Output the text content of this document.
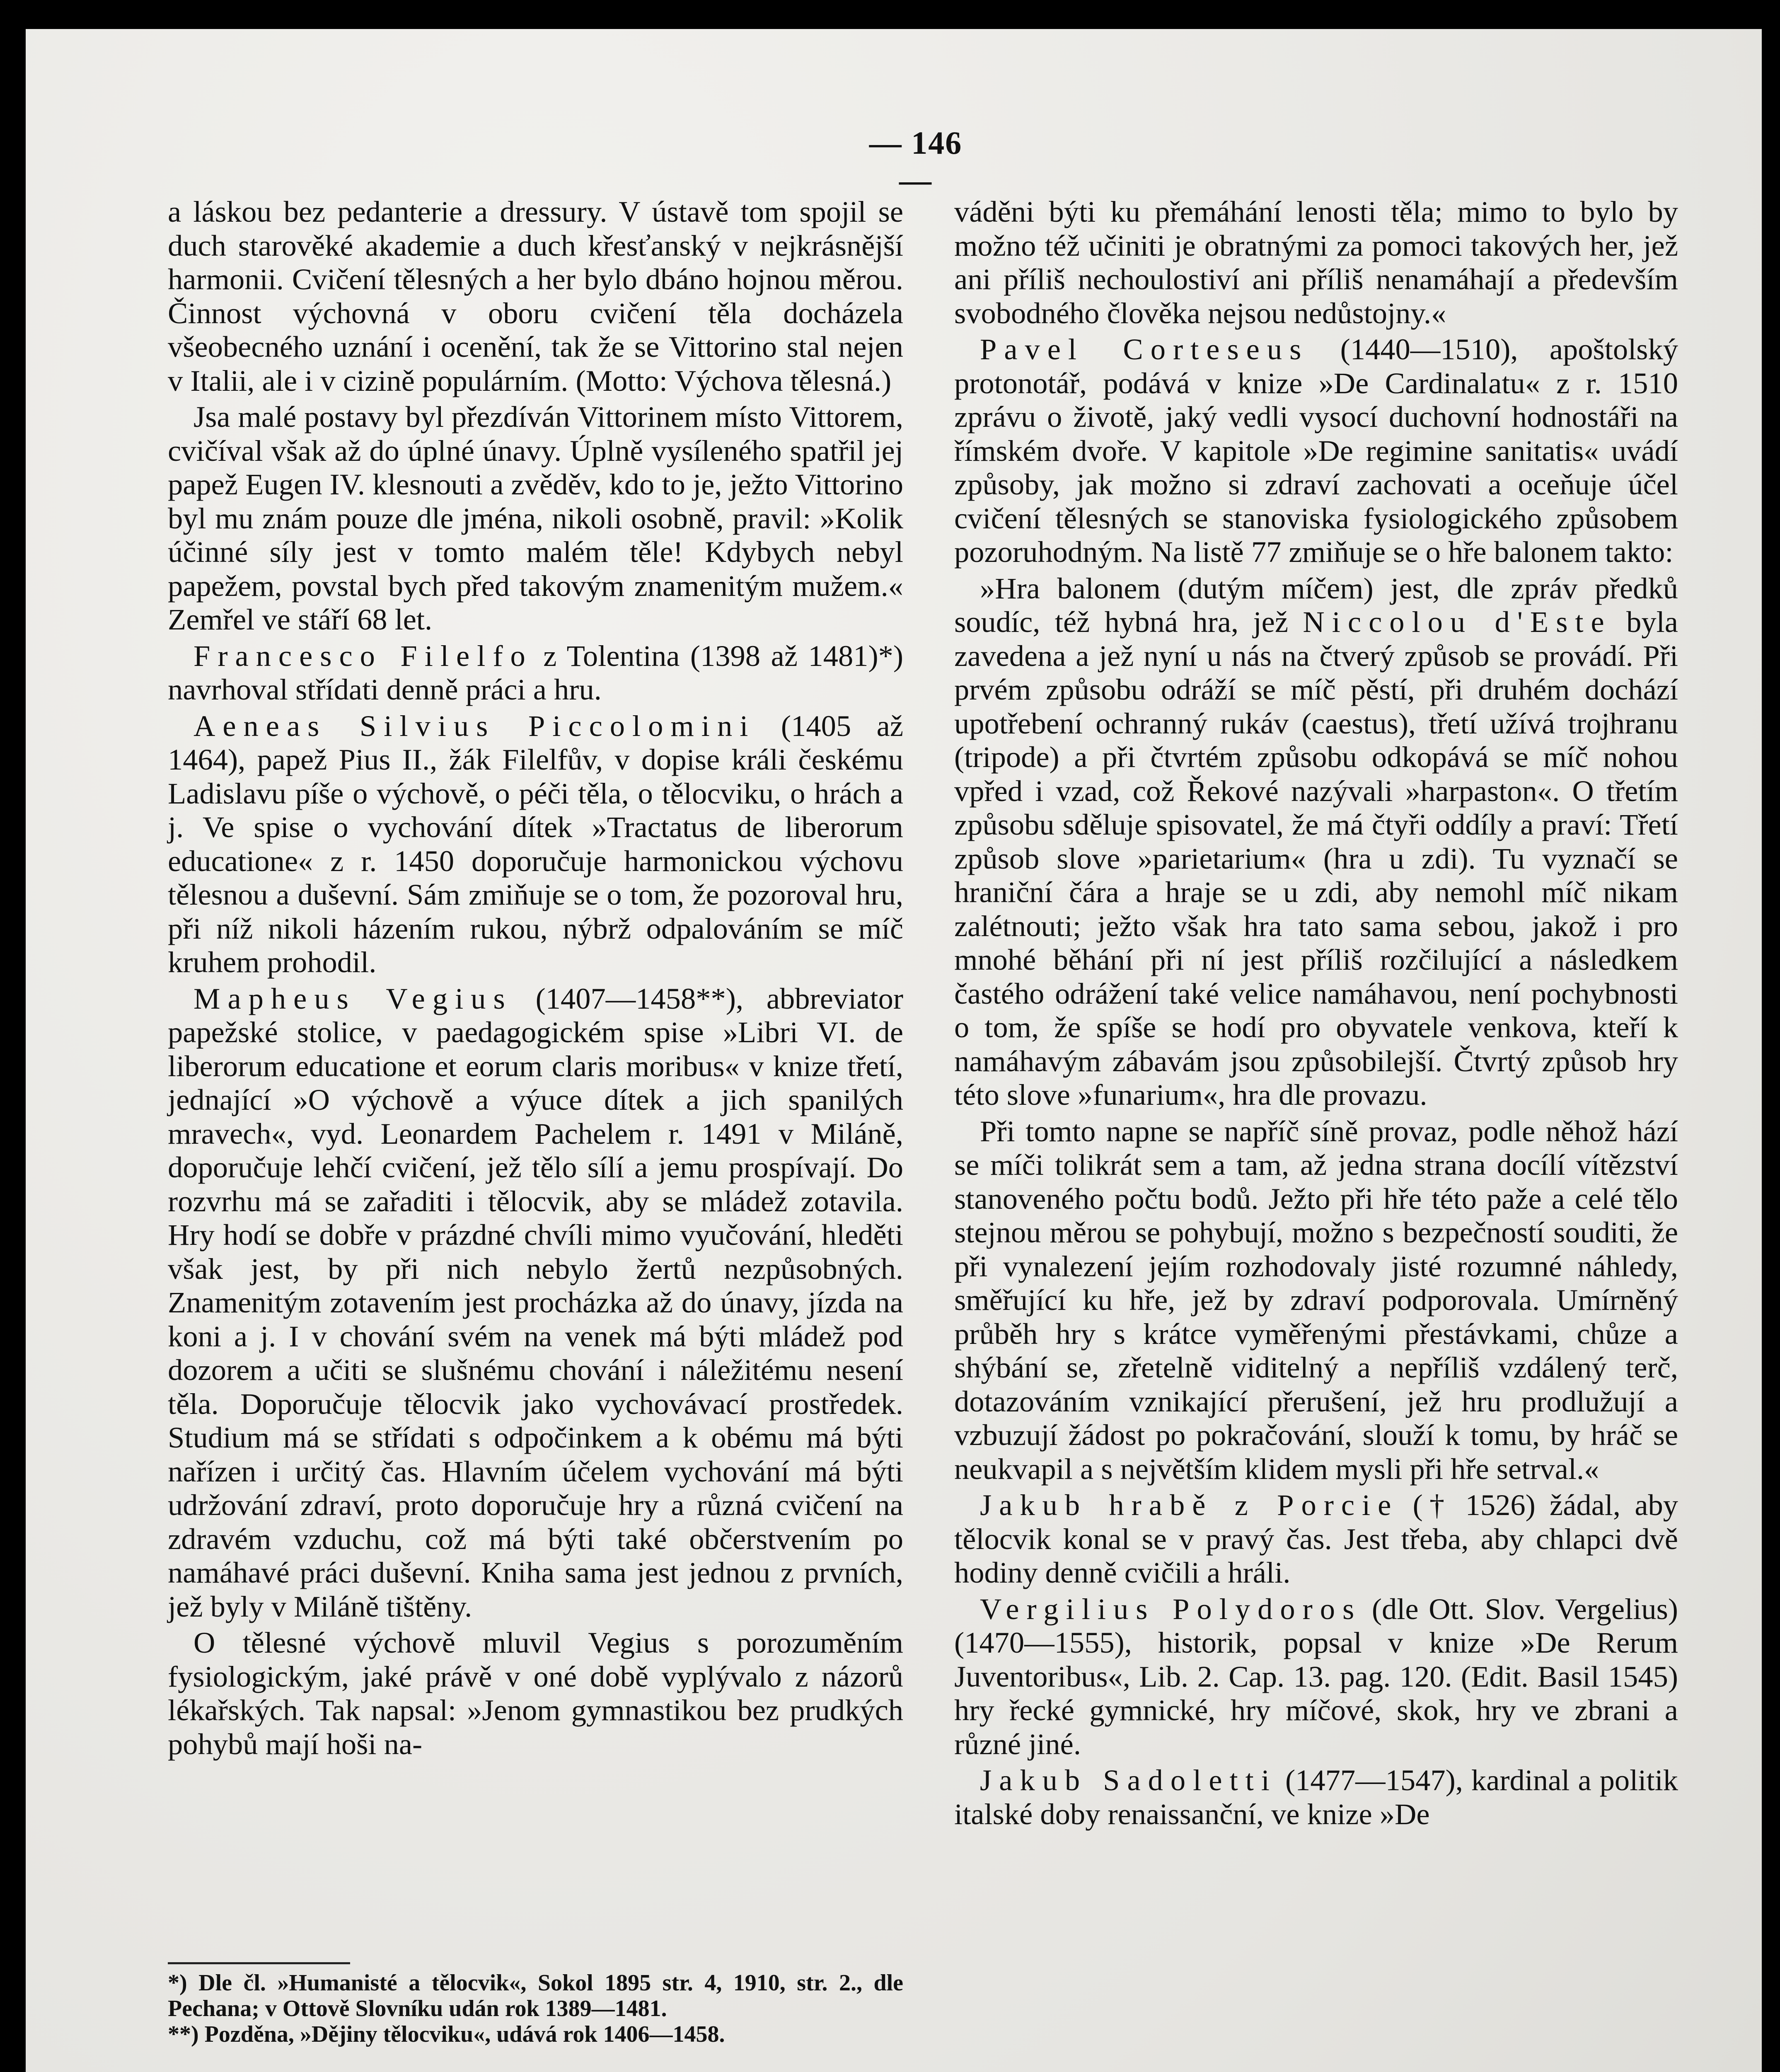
— 146 —

a láskou bez pedanterie a dressury. V ústavě tom spojil se duch starověké akademie a duch křesťanský v nejkrásnější harmonii. Cvičení tělesných a her bylo dbáno hojnou měrou. Činnost výchovná v oboru cvičení těla docházela všeobecného uznání i ocenění, tak že se Vittorino stal nejen v Italii, ale i v cizině populárním. (Motto: Výchova tělesná.)

Jsa malé postavy byl přezdíván Vittorinem místo Vittorem, cvičíval však až do úplné únavy. Úplně vysíleného spatřil jej papež Eugen IV. klesnouti a zvěděv, kdo to je, ježto Vittorino byl mu znám pouze dle jména, nikoli osobně, pravil: »Kolik účinné síly jest v tomto malém těle! Kdybych nebyl papežem, povstal bych před takovým znamenitým mužem.« Zemřel ve stáří 68 let.

Francesco Filelfo z Tolentina (1398 až 1481)*) navrhoval střídati denně práci a hru.

Aeneas Silvius Piccolomini (1405 až 1464), papež Pius II., žák Filelfův, v dopise králi českému Ladislavu píše o výchově, o péči těla, o tělocviku, o hrách a j. Ve spise o vychování dítek »Tractatus de liberorum educatione« z r. 1450 doporučuje harmonickou výchovu tělesnou a duševní. Sám zmiňuje se o tom, že pozoroval hru, při níž nikoli házením rukou, nýbrž odpalováním se míč kruhem prohodil.

Mapheus Vegius (1407—1458**), abbreviator papežské stolice, v paedagogickém spise »Libri VI. de liberorum educatione et eorum claris moribus« v knize třetí, jednající »O výchově a výuce dítek a jich spanilých mravech«, vyd. Leonardem Pachelem r. 1491 v Miláně, doporučuje lehčí cvičení, jež tělo sílí a jemu prospívají. Do rozvrhu má se zařaditi i tělocvik, aby se mládež zotavila. Hry hodí se dobře v prázdné chvíli mimo vyučování, hleděti však jest, by při nich nebylo žertů nezpůsobných. Znamenitým zotavením jest procházka až do únavy, jízda na koni a j. I v chování svém na venek má býti mládež pod dozorem a učiti se slušnému chování i náležitému nesení těla. Doporučuje tělocvik jako vychovávací prostředek. Studium má se střídati s odpočinkem a k obému má býti nařízen i určitý čas. Hlavním účelem vychování má býti udržování zdraví, proto doporučuje hry a různá cvičení na zdravém vzduchu, což má býti také občerstvením po namáhavé práci duševní. Kniha sama jest jednou z prvních, jež byly v Miláně tištěny.

O tělesné výchově mluvil Vegius s porozuměním fysiologickým, jaké právě v oné době vyplývalo z názorů lékařských. Tak napsal: »Jenom gymnastikou bez prudkých pohybů mají hoši na-

*) Dle čl. »Humanisté a tělocvik«, Sokol 1895 str. 4, 1910, str. 2., dle Pechana; v Ottově Slovníku udán rok 1389—1481.

**) Pozděna, »Dějiny tělocviku«, udává rok 1406—1458.

váděni býti ku přemáhání lenosti těla; mimo to bylo by možno též učiniti je obratnými za pomoci takových her, jež ani příliš nechoulostiví ani příliš nenamáhají a především svobodného člověka nejsou nedůstojny.«

Pavel Corteseus (1440—1510), apoštolský protonotář, podává v knize »De Cardinalatu« z r. 1510 zprávu o životě, jaký vedli vysocí duchovní hodnostáři na římském dvoře. V kapitole »De regimine sanitatis« uvádí způsoby, jak možno si zdraví zachovati a oceňuje účel cvičení tělesných se stanoviska fysiologického způsobem pozoruhodným. Na listě 77 zmiňuje se o hře balonem takto:

»Hra balonem (dutým míčem) jest, dle zpráv předků soudíc, též hybná hra, jež Niccolou d'Este byla zavedena a jež nyní u nás na čtverý způsob se provádí. Při prvém způsobu odráží se míč pěstí, při druhém dochází upotřebení ochranný rukáv (caestus), třetí užívá trojhranu (tripode) a při čtvrtém způsobu odkopává se míč nohou vpřed i vzad, což Řekové nazývali »harpaston«. O třetím způsobu sděluje spisovatel, že má čtyři oddíly a praví: Třetí způsob slove »parietarium« (hra u zdi). Tu vyznačí se hraniční čára a hraje se u zdi, aby nemohl míč nikam zalétnouti; ježto však hra tato sama sebou, jakož i pro mnohé běhání při ní jest příliš rozčilující a následkem častého odrážení také velice namáhavou, není pochybnosti o tom, že spíše se hodí pro obyvatele venkova, kteří k namáhavým zábavám jsou způsobilejší. Čtvrtý způsob hry této slove »funarium«, hra dle provazu.

Při tomto napne se napříč síně provaz, podle něhož hází se míči tolikrát sem a tam, až jedna strana docílí vítězství stanoveného počtu bodů. Ježto při hře této paže a celé tělo stejnou měrou se pohybují, možno s bezpečností souditi, že při vynalezení jejím rozhodovaly jisté rozumné náhledy, směřující ku hře, jež by zdraví podporovala. Umírněný průběh hry s krátce vyměřenými přestávkami, chůze a shýbání se, zřetelně viditelný a nepříliš vzdálený terč, dotazováním vznikající přerušení, jež hru prodlužují a vzbuzují žádost po pokračování, slouží k tomu, by hráč se neukvapil a s největším klidem mysli při hře setrval.«

Jakub hrabě z Porcie († 1526) žádal, aby tělocvik konal se v pravý čas. Jest třeba, aby chlapci dvě hodiny denně cvičili a hráli.

Vergilius Polydoros (dle Ott. Slov. Vergelius) (1470—1555), historik, popsal v knize »De Rerum Juventoribus«, Lib. 2. Cap. 13. pag. 120. (Edit. Basil 1545) hry řecké gymnické, hry míčové, skok, hry ve zbrani a různé jiné.

Jakub Sadoletti (1477—1547), kardinal a politik italské doby renaissanční, ve knize »De
